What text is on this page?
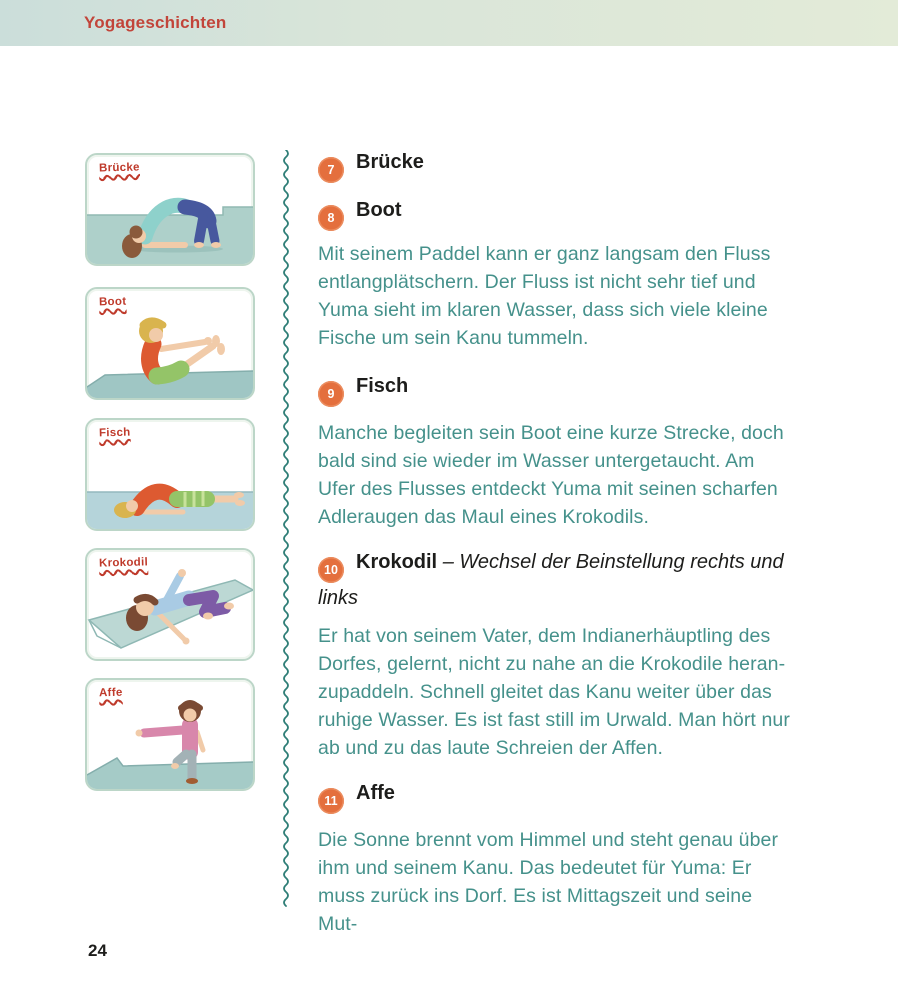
Yogageschichten
Brücke
Boot
Fisch
Krokodil
Affe
7 Brücke
8 Boot
Mit seinem Paddel kann er ganz langsam den Fluss entlangplätschern. Der Fluss ist nicht sehr tief und Yuma sieht im klaren Wasser, dass sich viele kleine Fische um sein Kanu tummeln.
9 Fisch
Manche begleiten sein Boot eine kurze Strecke, doch bald sind sie wieder im Wasser untergetaucht. Am Ufer des Flusses entdeckt Yuma mit seinen scharfen Adleraugen das Maul eines Krokodils.
10 Krokodil – Wechsel der Beinstellung rechts und links
Er hat von seinem Vater, dem Indianerhäuptling des Dorfes, gelernt, nicht zu nahe an die Krokodile heranzupaddeln. Schnell gleitet das Kanu weiter über das ruhige Wasser. Es ist fast still im Urwald. Man hört nur ab und zu das laute Schreien der Affen.
11 Affe
Die Sonne brennt vom Himmel und steht genau über ihm und seinem Kanu. Das bedeutet für Yuma: Er muss zurück ins Dorf. Es ist Mittagszeit und seine Mut-
24
